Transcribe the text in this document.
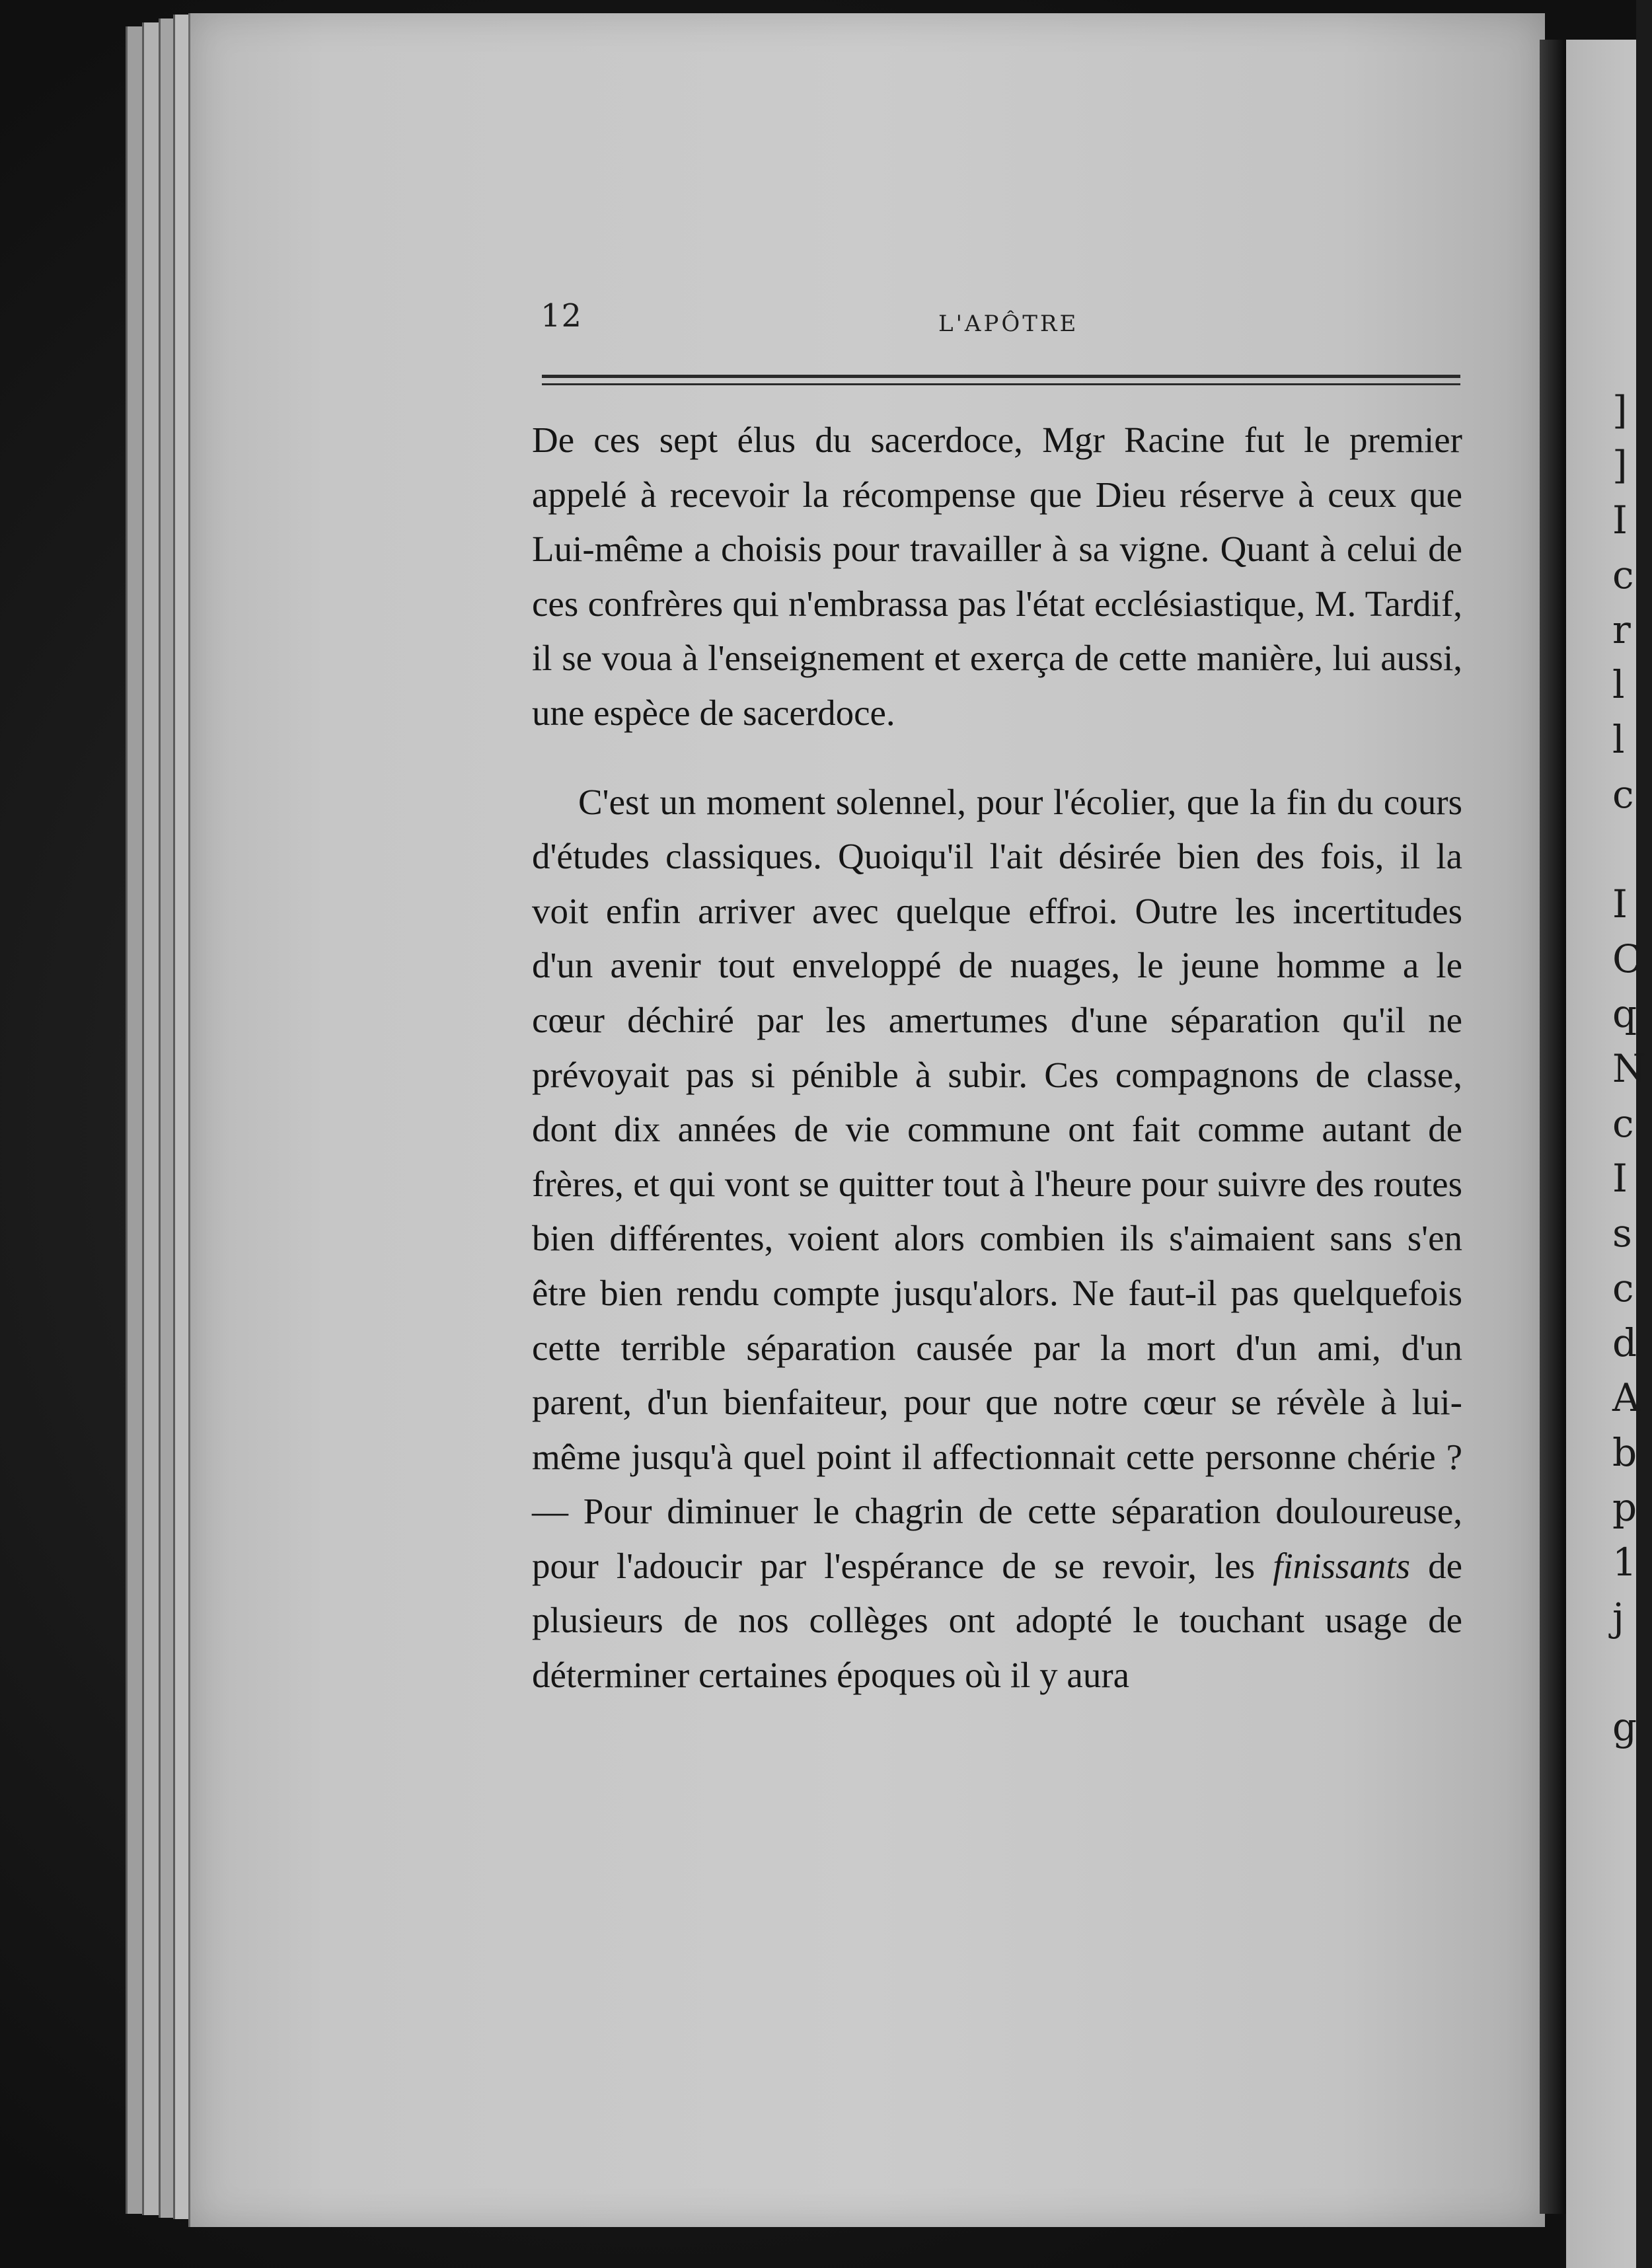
]
]
I
c
r
l
l
c

I
C
q
N
c
I
s
c
d
A
b
p
1
j

g
12	L'APÔTRE

De ces sept élus du sacerdoce, Mgr Racine fut le premier appelé à recevoir la récompense que Dieu réserve à ceux que Lui-même a choisis pour travailler à sa vigne. Quant à celui de ces confrères qui n'embrassa pas l'état ecclésiastique, M. Tardif, il se voua à l'enseignement et exerça de cette manière, lui aussi, une espèce de sacerdoce.

C'est un moment solennel, pour l'écolier, que la fin du cours d'études classiques. Quoiqu'il l'ait désirée bien des fois, il la voit enfin arriver avec quelque effroi. Outre les incertitudes d'un avenir tout enveloppé de nuages, le jeune homme a le cœur déchiré par les amertumes d'une séparation qu'il ne prévoyait pas si pénible à subir. Ces compagnons de classe, dont dix années de vie commune ont fait comme autant de frères, et qui vont se quitter tout à l'heure pour suivre des routes bien différentes, voient alors combien ils s'aimaient sans s'en être bien rendu compte jusqu'alors. Ne faut-il pas quelquefois cette terrible séparation causée par la mort d'un ami, d'un parent, d'un bienfaiteur, pour que notre cœur se révèle à lui-même jusqu'à quel point il affectionnait cette personne chérie ? — Pour diminuer le chagrin de cette séparation douloureuse, pour l'adoucir par l'espérance de se revoir, les finissants de plusieurs de nos collèges ont adopté le touchant usage de déterminer certaines époques où il y aura
